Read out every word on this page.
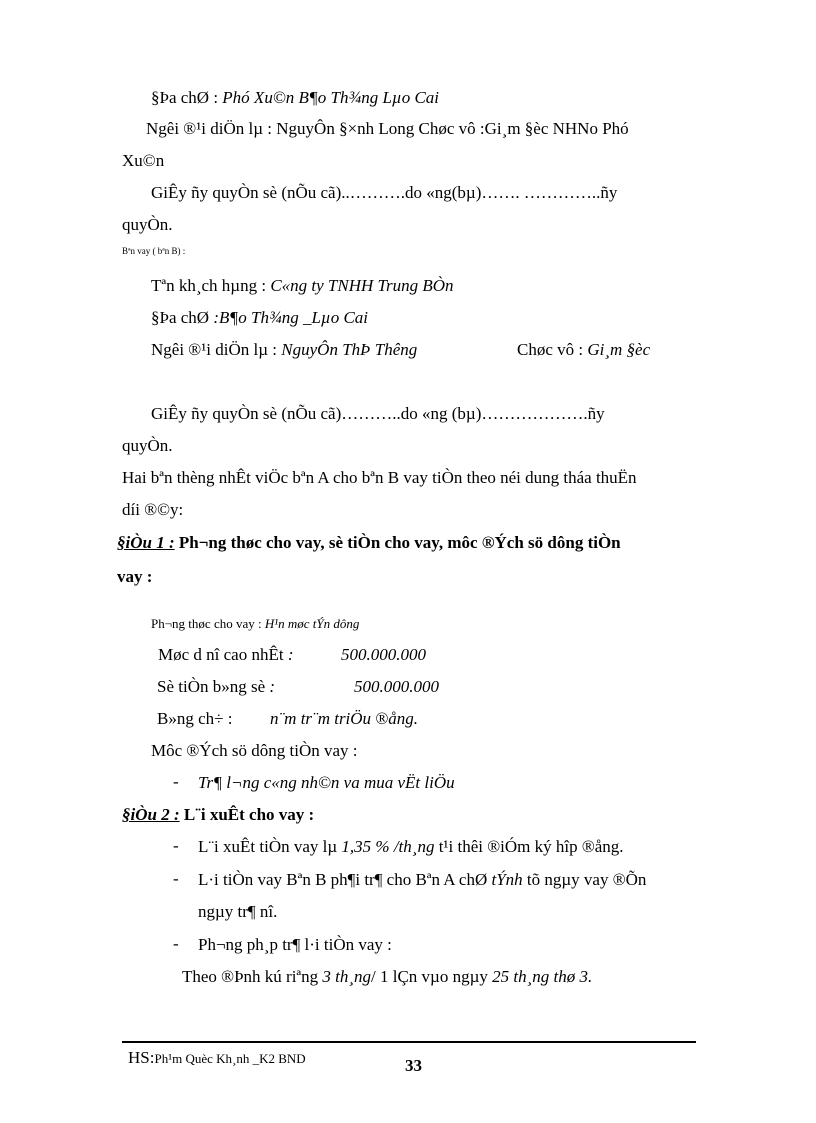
§Þa chØ : Phó Xu©n B¶o Th¾ng Lµo Cai
Ngêi ®¹i diÖn lµ : NguyÔn §×nh Long Chøc vô :Gi¸m §èc NHNo Phó
Xu©n
GiÊy ñy quyÒn sè (nÕu cã)..……….do «ng(bµ)……. …………..ñy
quyÒn.
Bªn vay ( bªn B) :
Tªn kh¸ch hµng : C«ng ty TNHH Trung BÒn
§Þa chØ :B¶o Th¾ng _Lµo Cai
Ngêi ®¹i diÖn lµ : NguyÔn ThÞ Thêng	Chøc vô : Gi¸m §èc
GiÊy ñy quyÒn sè (nÕu cã)………..do «ng (bµ)……………….ñy
quyÒn.
Hai bªn thèng nhÊt viÖc bªn A cho bªn B vay tiÒn theo néi dung tháa thuËn
díi ®©y:
§iÒu 1 : Ph¬ng thøc cho vay, sè tiÒn cho vay, môc ®Ých sö dông tiÒn
vay :
Ph¬ng thøc cho vay : H¹n møc tÝn dông
Møc d nî cao nhÊt :	500.000.000
Sè tiÒn b»ng sè :	500.000.000
B»ng ch÷ : n¨m tr¨m triÖu ®ång.
Môc ®Ých sö dông tiÒn vay :
- Tr¶ l¬ng c«ng nh©n va mua vËt liÖu
§iÒu 2 : L¨i xuÊt cho vay :
- L¨i xuÊt tiÒn vay lµ 1,35 % /th¸ng t¹i thêi ®iÓm ký hîp ®ång.
- L·i tiÒn vay Bªn B ph¶i tr¶ cho Bªn A chØ tÝnh tõ ngµy vay ®Õn
ngµy tr¶ nî.
- Ph¬ng ph¸p tr¶ l·i tiÒn vay :
Theo ®Þnh kú riªng 3 th¸ng/ 1 lÇn vµo ngµy 25 th¸ng thø 3.
HS:Ph¹m Quèc Kh¸nh _K2 BND	33
